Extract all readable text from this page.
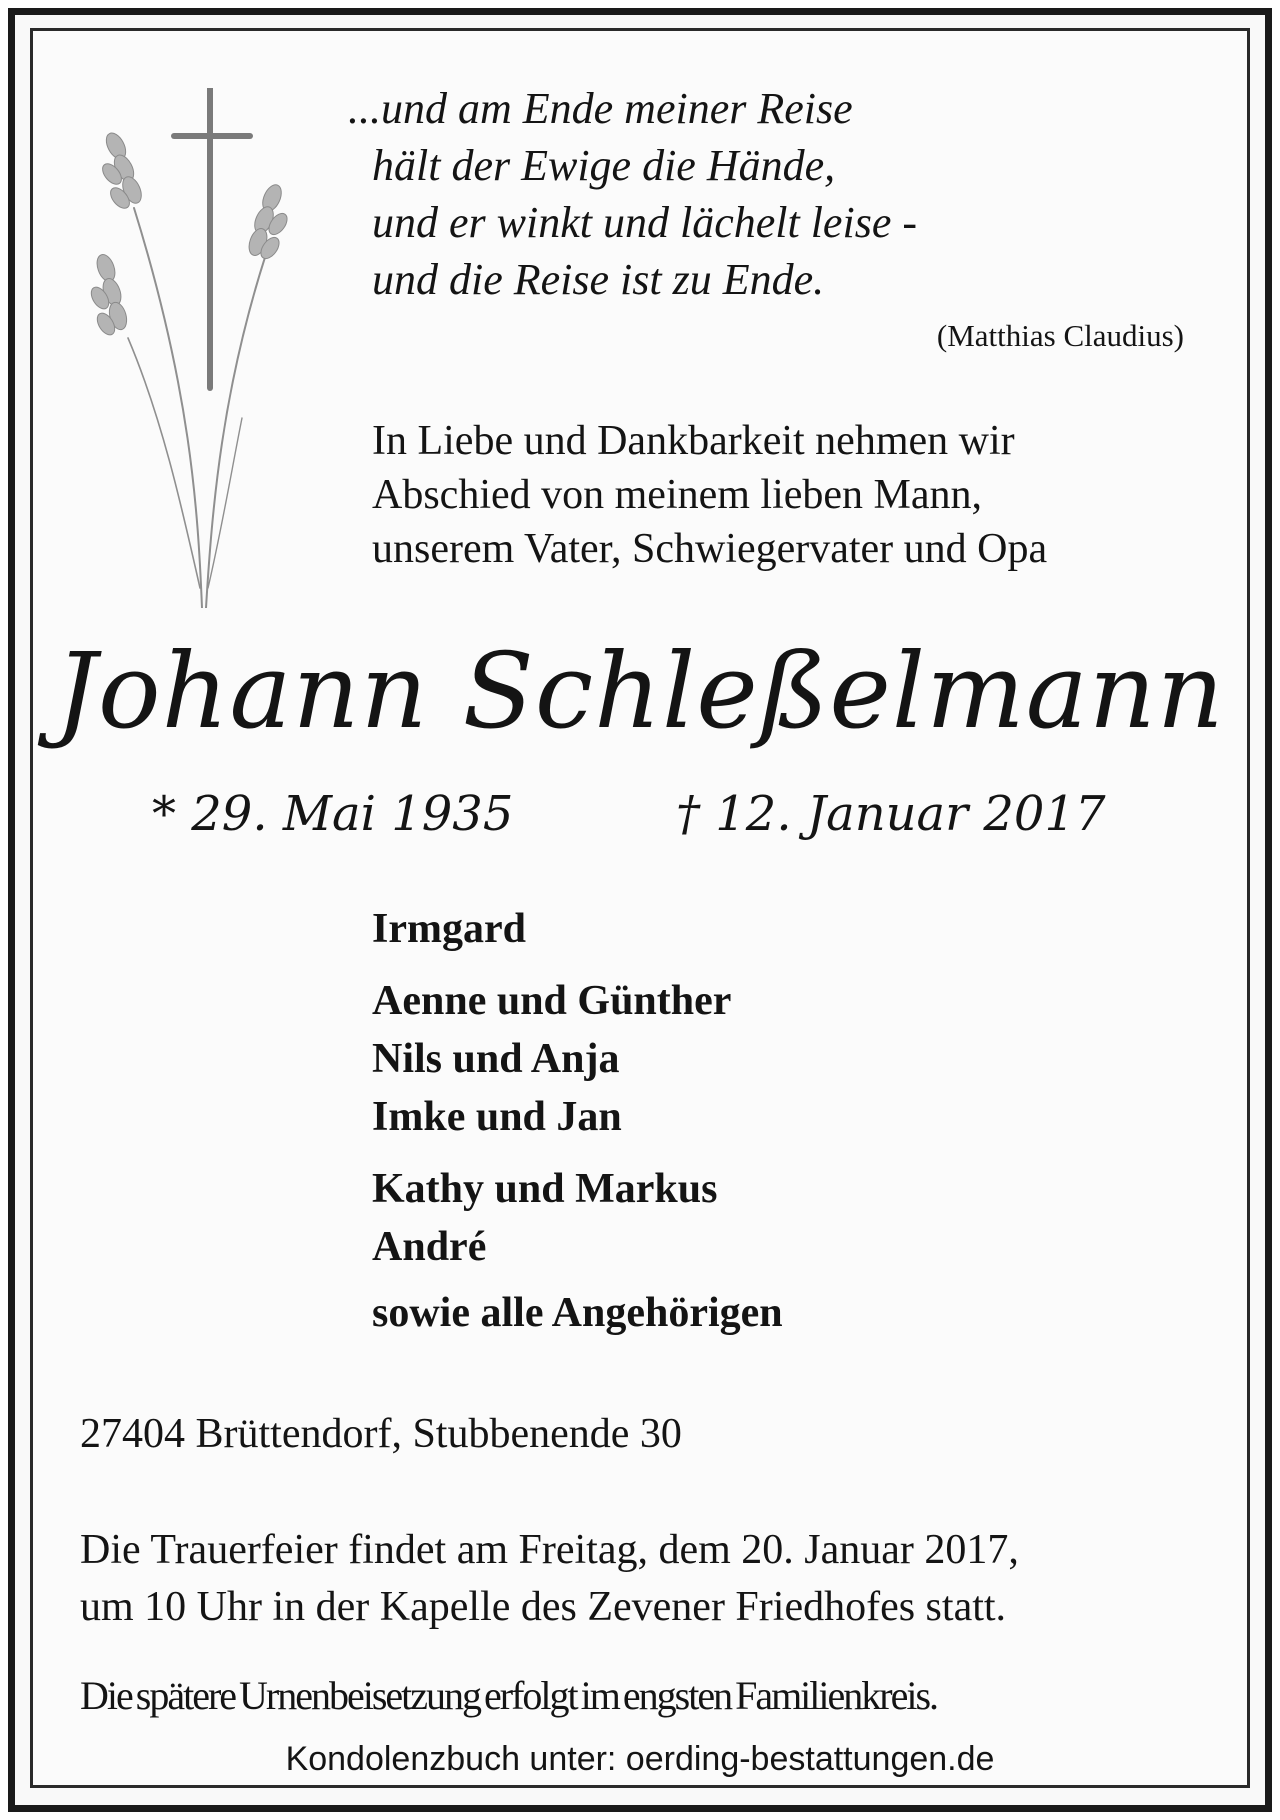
...und am Ende meiner Reise
hält der Ewige die Hände,
und er winkt und lächelt leise -
und die Reise ist zu Ende.
(Matthias Claudius)
In Liebe und Dankbarkeit nehmen wir
Abschied von meinem lieben Mann,
unserem Vater, Schwiegervater und Opa
Johann Schleßelmann
* 29. Mai 1935	† 12. Januar 2017
Irmgard
Aenne und Günther
Nils und Anja
Imke und Jan
Kathy und Markus
André
sowie alle Angehörigen
27404 Brüttendorf, Stubbenende 30
Die Trauerfeier findet am Freitag, dem 20. Januar 2017,
um 10 Uhr in der Kapelle des Zevener Friedhofes statt.
Die spätere Urnenbeisetzung erfolgt im engsten Familienkreis.
Kondolenzbuch unter: oerding-bestattungen.de
